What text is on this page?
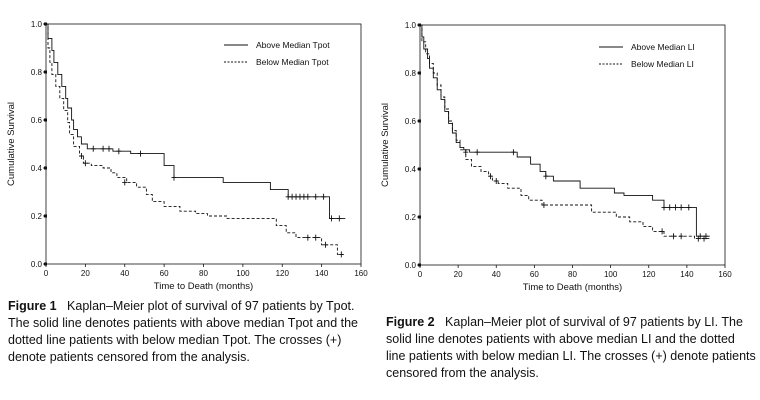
0.0
0.2
0.4
0.6
0.8
1.0
0	20	40	60	80	100	120	140	160
Time to Death (months)
Cumulative Survival
Above Median Tpot
Below Median Tpot
0.0
0.2
0.4
0.6
0.8
1.0
0	20	40	60	80	100	120	140	160
Time to Death (months)
Cumulative Survival
Above Median LI
Below Median LI
Figure 1 Kaplan–Meier plot of survival of 97 patients by Tpot. The solid line denotes patients with above median Tpot and the dotted line patients with below median Tpot. The crosses (+) denote patients censored from the analysis.
Figure 2 Kaplan–Meier plot of survival of 97 patients by LI. The solid line denotes patients with above median LI and the dotted line patients with below median LI. The crosses (+) denote patients censored from the analysis.
